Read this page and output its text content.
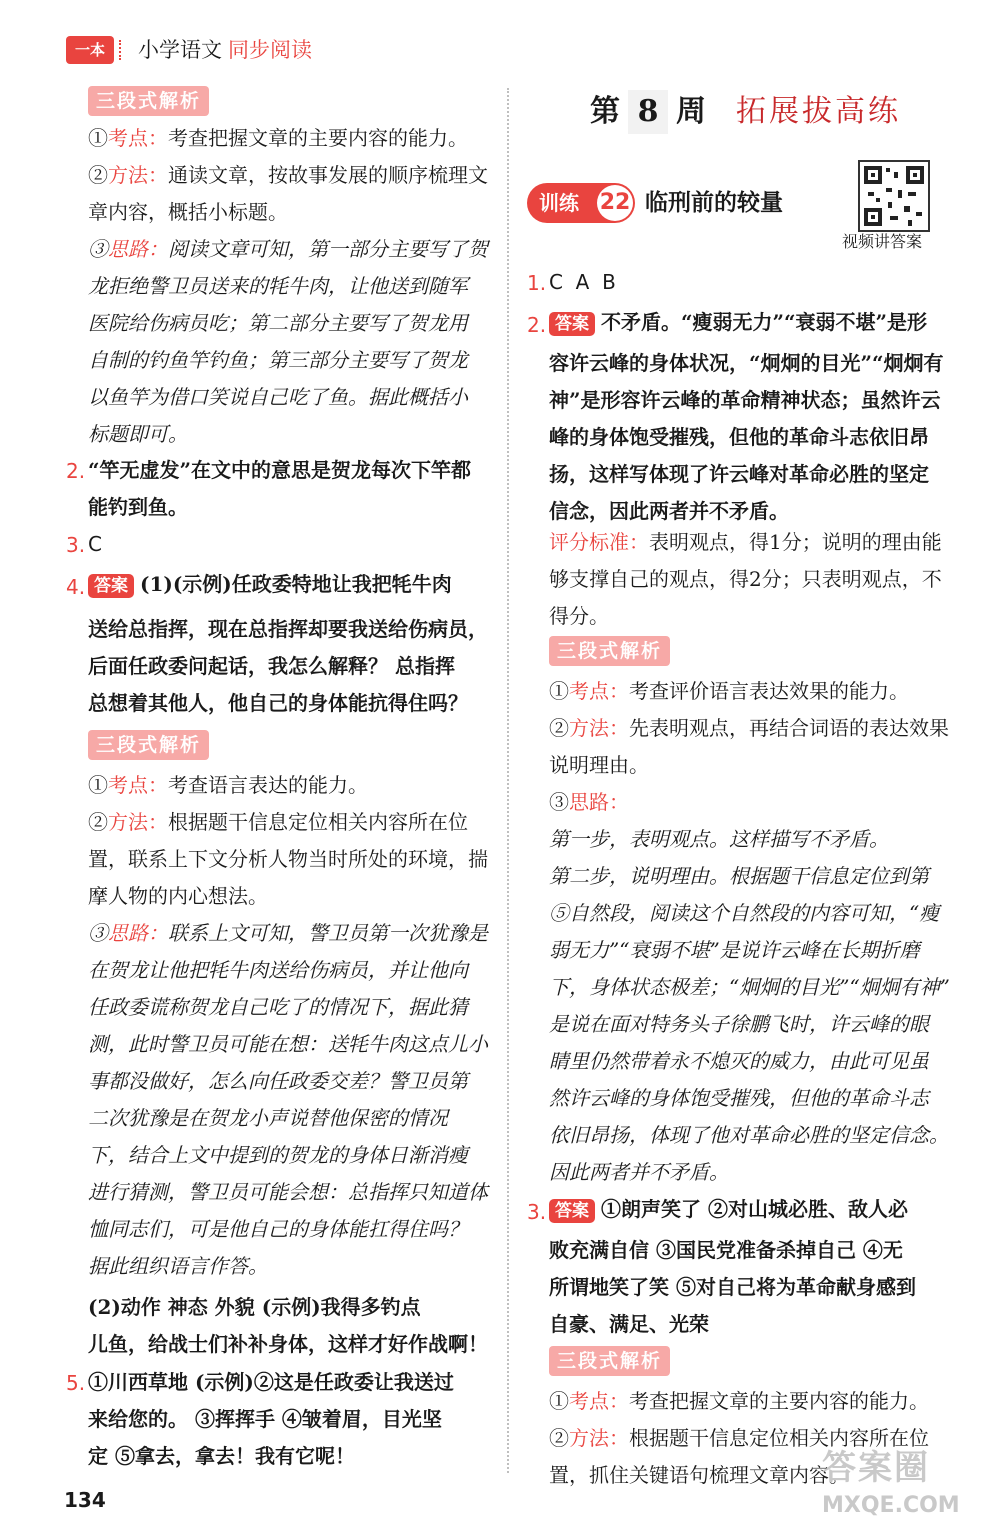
一本	小学语文 同步阅读
三段式解析
①考点：考查把握文章的主要内容的能力。
②方法：通读文章，按故事发展的顺序梳理文
章内容，概括小标题。
③思路：阅读文章可知，第一部分主要写了贺
龙拒绝警卫员送来的牦牛肉，让他送到随军
医院给伤病员吃；第二部分主要写了贺龙用
自制的钓鱼竿钓鱼；第三部分主要写了贺龙
以鱼竿为借口笑说自己吃了鱼。据此概括小
标题即可。
2. “竿无虚发”在文中的意思是贺龙每次下竿都
能钓到鱼。
3. C
4. 答案 (1)(示例)任政委特地让我把牦牛肉
送给总指挥，现在总指挥却要我送给伤病员，
后面任政委问起话，我怎么解释？ 总指挥
总想着其他人，他自己的身体能抗得住吗？
三段式解析
①考点：考查语言表达的能力。
②方法：根据题干信息定位相关内容所在位
置，联系上下文分析人物当时所处的环境，揣
摩人物的内心想法。
③思路：联系上文可知，警卫员第一次犹豫是
在贺龙让他把牦牛肉送给伤病员，并让他向
任政委谎称贺龙自己吃了的情况下，据此猜
测，此时警卫员可能在想：送牦牛肉这点儿小
事都没做好，怎么向任政委交差？警卫员第
二次犹豫是在贺龙小声说替他保密的情况
下，结合上文中提到的贺龙的身体日渐消瘦
进行猜测，警卫员可能会想：总指挥只知道体
恤同志们，可是他自己的身体能扛得住吗？
据此组织语言作答。
(2)动作 神态 外貌 (示例)我得多钓点
儿鱼，给战士们补补身体，这样才好作战啊！
5. ①川西草地 (示例)②这是任政委让我送过
来给您的。 ③挥挥手 ④皱着眉，目光坚
定 ⑤拿去，拿去！我有它呢！
第 8 周 拓展拔高练
训练 22 临刑前的较量
视频讲答案
1. C  A  B
2. 答案 不矛盾。“瘦弱无力”“衰弱不堪”是形
容许云峰的身体状况，“炯炯的目光”“炯炯有
神”是形容许云峰的革命精神状态；虽然许云
峰的身体饱受摧残，但他的革命斗志依旧昂
扬，这样写体现了许云峰对革命必胜的坚定
信念，因此两者并不矛盾。
评分标准：表明观点，得1分；说明的理由能
够支撑自己的观点，得2分；只表明观点，不
得分。
三段式解析
①考点：考查评价语言表达效果的能力。
②方法：先表明观点，再结合词语的表达效果
说明理由。
③思路：
第一步，表明观点。这样描写不矛盾。
第二步，说明理由。根据题干信息定位到第
⑤自然段，阅读这个自然段的内容可知，“瘦
弱无力”“衰弱不堪”是说许云峰在长期折磨
下，身体状态极差；“炯炯的目光”“炯炯有神”
是说在面对特务头子徐鹏飞时，许云峰的眼
睛里仍然带着永不熄灭的威力，由此可见虽
然许云峰的身体饱受摧残，但他的革命斗志
依旧昂扬，体现了他对革命必胜的坚定信念。
因此两者并不矛盾。
3. 答案 ①朗声笑了 ②对山城必胜、敌人必
败充满自信 ③国民党准备杀掉自己 ④无
所谓地笑了笑 ⑤对自己将为革命献身感到
自豪、满足、光荣
三段式解析
①考点：考查把握文章的主要内容的能力。
②方法：根据题干信息定位相关内容所在位
置，抓住关键语句梳理文章内容。
答案圈
MXQE.COM
134
